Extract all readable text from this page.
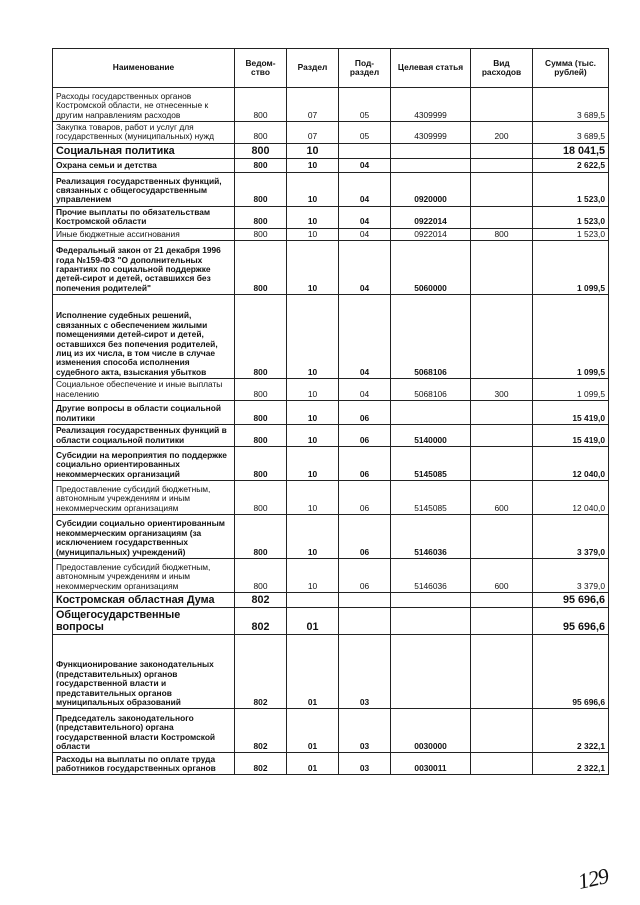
Наименование	Ведом-ство	Раздел	Под-раздел	Целевая статья	Вид расходов	Сумма (тыс. рублей)
Расходы государственных органов Костромской области, не отнесенные к другим направлениям расходов	800	07	05	4309999		3 689,5
Закупка товаров, работ и услуг для государственных (муниципальных) нужд	800	07	05	4309999	200	3 689,5
Социальная политика	800	10				18 041,5
Охрана семьи и детства	800	10	04			2 622,5
Реализация государственных функций, связанных с общегосударственным управлением	800	10	04	0920000		1 523,0
Прочие выплаты по обязательствам Костромской области	800	10	04	0922014		1 523,0
Иные бюджетные ассигнования	800	10	04	0922014	800	1 523,0
Федеральный закон от 21 декабря 1996 года №159-ФЗ "О дополнительных гарантиях по социальной поддержке детей-сирот и детей, оставшихся без попечения родителей"	800	10	04	5060000		1 099,5
Исполнение судебных решений, связанных с обеспечением жилыми помещениями детей-сирот и детей, оставшихся без попечения родителей, лиц из их числа, в том числе в случае изменения способа исполнения судебного акта, взыскания убытков	800	10	04	5068106		1 099,5
Социальное обеспечение и иные выплаты населению	800	10	04	5068106	300	1 099,5
Другие вопросы в области социальной политики	800	10	06			15 419,0
Реализация государственных функций в области социальной политики	800	10	06	5140000		15 419,0
Субсидии на мероприятия по поддержке социально ориентированных некоммерческих организаций	800	10	06	5145085		12 040,0
Предоставление субсидий бюджетным, автономным учреждениям и иным некоммерческим организациям	800	10	06	5145085	600	12 040,0
Субсидии социально ориентированным некоммерческим организациям (за исключением государственных (муниципальных) учреждений)	800	10	06	5146036		3 379,0
Предоставление субсидий бюджетным, автономным учреждениям и иным некоммерческим организациям	800	10	06	5146036	600	3 379,0
Костромская областная Дума	802					95 696,6
Общегосударственные вопросы	802	01				95 696,6
Функционирование законодательных (представительных) органов государственной власти и представительных органов муниципальных образований	802	01	03			95 696,6
Председатель законодательного (представительного) органа государственной власти Костромской области	802	01	03	0030000		2 322,1
Расходы на выплаты по оплате труда работников государственных органов	802	01	03	0030011		2 322,1
129
